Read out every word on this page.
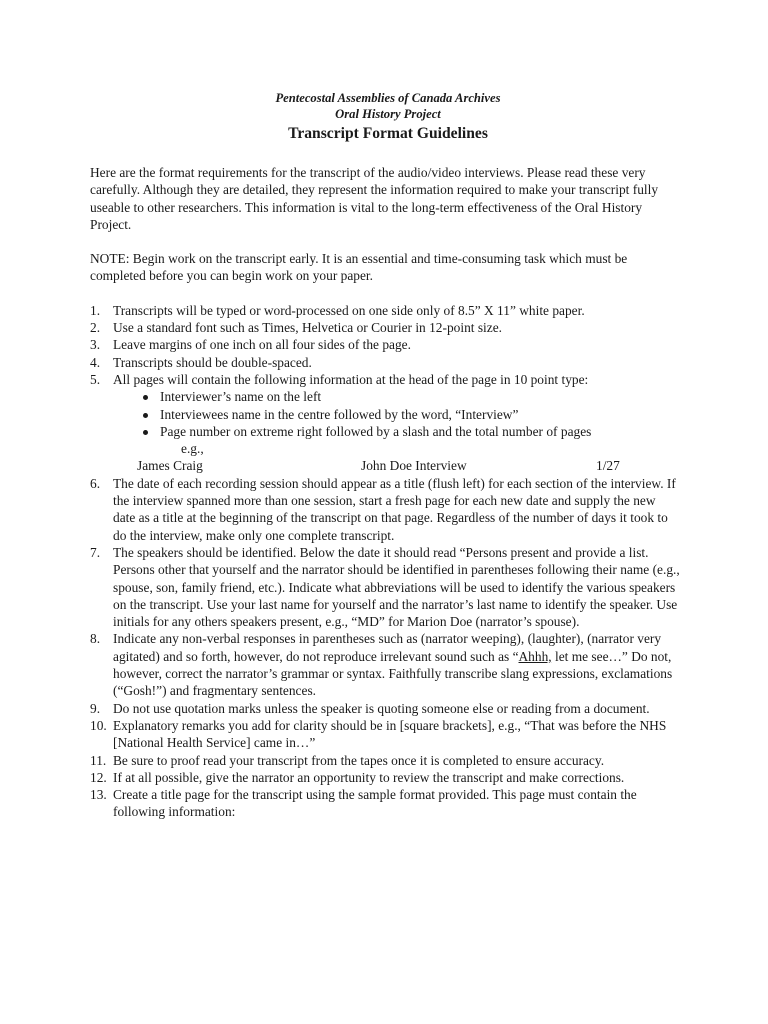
Pentecostal Assemblies of Canada Archives
Oral History Project
Transcript Format Guidelines

Here are the format requirements for the transcript of the audio/video interviews. Please read these very carefully. Although they are detailed, they represent the information required to make your transcript fully useable to other researchers. This information is vital to the long-term effectiveness of the Oral History Project.

NOTE: Begin work on the transcript early. It is an essential and time-consuming task which must be completed before you can begin work on your paper.

1. Transcripts will be typed or word-processed on one side only of 8.5” X 11” white paper.
2. Use a standard font such as Times, Helvetica or Courier in 12-point size.
3. Leave margins of one inch on all four sides of the page.
4. Transcripts should be double-spaced.
5. All pages will contain the following information at the head of the page in 10 point type:
Interviewer’s name on the left
Interviewees name in the centre followed by the word, “Interview”
Page number on extreme right followed by a slash and the total number of pages
e.g.,
James Craig	John Doe Interview	1/27
6. The date of each recording session should appear as a title (flush left) for each section of the interview. If the interview spanned more than one session, start a fresh page for each new date and supply the new date as a title at the beginning of the transcript on that page. Regardless of the number of days it took to do the interview, make only one complete transcript.
7. The speakers should be identified. Below the date it should read “Persons present and provide a list. Persons other that yourself and the narrator should be identified in parentheses following their name (e.g., spouse, son, family friend, etc.). Indicate what abbreviations will be used to identify the various speakers on the transcript. Use your last name for yourself and the narrator’s last name to identify the speaker. Use initials for any others speakers present, e.g., “MD” for Marion Doe (narrator’s spouse).
8. Indicate any non-verbal responses in parentheses such as (narrator weeping), (laughter), (narrator very agitated) and so forth, however, do not reproduce irrelevant sound such as “Ahhh, let me see…” Do not, however, correct the narrator’s grammar or syntax. Faithfully transcribe slang expressions, exclamations (“Gosh!”) and fragmentary sentences.
9. Do not use quotation marks unless the speaker is quoting someone else or reading from a document.
10. Explanatory remarks you add for clarity should be in [square brackets], e.g., “That was before the NHS [National Health Service] came in…”
11. Be sure to proof read your transcript from the tapes once it is completed to ensure accuracy.
12. If at all possible, give the narrator an opportunity to review the transcript and make corrections.
13. Create a title page for the transcript using the sample format provided. This page must contain the following information:
